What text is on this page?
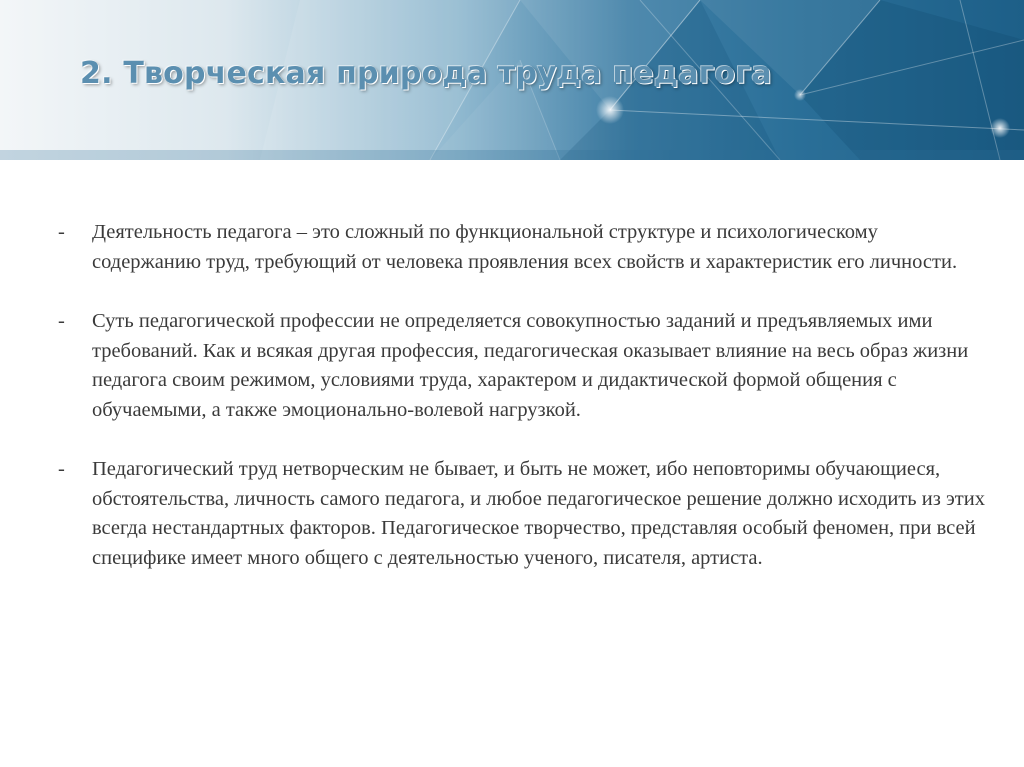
2. Творческая природа труда педагога
- Деятельность педагога – это сложный по функциональной структуре и психологическому содержанию труд, требующий от человека проявления всех свойств и характеристик его личности.
- Суть педагогической профессии не определяется совокупностью заданий и предъявляемых ими требований. Как и всякая другая профессия, педагогическая оказывает влияние на весь образ жизни педагога своим режимом, условиями труда, характером и дидактической формой общения с обучаемыми, а также эмоционально-волевой нагрузкой.
- Педагогический труд нетворческим не бывает, и быть не может, ибо неповторимы обучающиеся, обстоятельства, личность самого педагога, и любое педагогическое решение должно исходить из этих всегда нестандартных факторов. Педагогическое творчество, представляя особый феномен, при всей специфике имеет много общего с деятельностью ученого, писателя, артиста.
